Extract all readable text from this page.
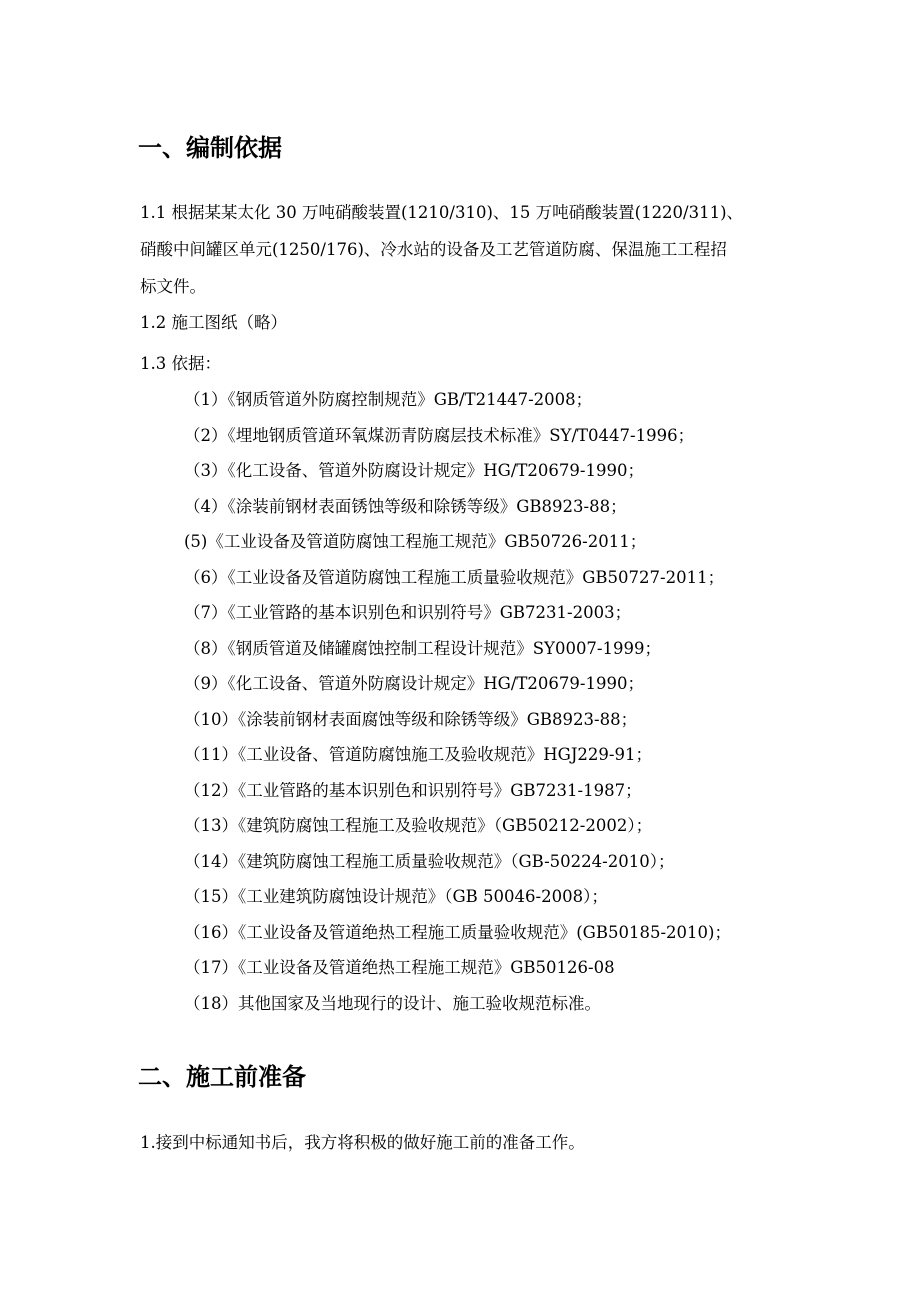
一、编制依据
1.1 根据某某太化 30 万吨硝酸装置(1210/310)、15 万吨硝酸装置(1220/311)、
硝酸中间罐区单元(1250/176)、冷水站的设备及工艺管道防腐、保温施工工程招
标文件。
1.2 施工图纸（略）
1.3 依据：
（1）《钢质管道外防腐控制规范》GB/T21447-2008；
（2）《埋地钢质管道环氧煤沥青防腐层技术标准》SY/T0447-1996；
（3）《化工设备、管道外防腐设计规定》HG/T20679-1990；
（4）《涂装前钢材表面锈蚀等级和除锈等级》GB8923-88；
(5)《工业设备及管道防腐蚀工程施工规范》GB50726-2011；
（6）《工业设备及管道防腐蚀工程施工质量验收规范》GB50727-2011；
（7）《工业管路的基本识别色和识别符号》GB7231-2003；
（8）《钢质管道及储罐腐蚀控制工程设计规范》SY0007-1999；
（9）《化工设备、管道外防腐设计规定》HG/T20679-1990；
（10）《涂装前钢材表面腐蚀等级和除锈等级》GB8923-88；
（11）《工业设备、管道防腐蚀施工及验收规范》HGJ229-91；
（12）《工业管路的基本识别色和识别符号》GB7231-1987；
（13）《建筑防腐蚀工程施工及验收规范》（GB50212-2002）；
（14）《建筑防腐蚀工程施工质量验收规范》（GB-50224-2010）；
（15）《工业建筑防腐蚀设计规范》（GB 50046-2008）；
（16）《工业设备及管道绝热工程施工质量验收规范》(GB50185-2010)；
（17）《工业设备及管道绝热工程施工规范》GB50126-08
（18）其他国家及当地现行的设计、施工验收规范标准。
二、施工前准备
1.接到中标通知书后，我方将积极的做好施工前的准备工作。
